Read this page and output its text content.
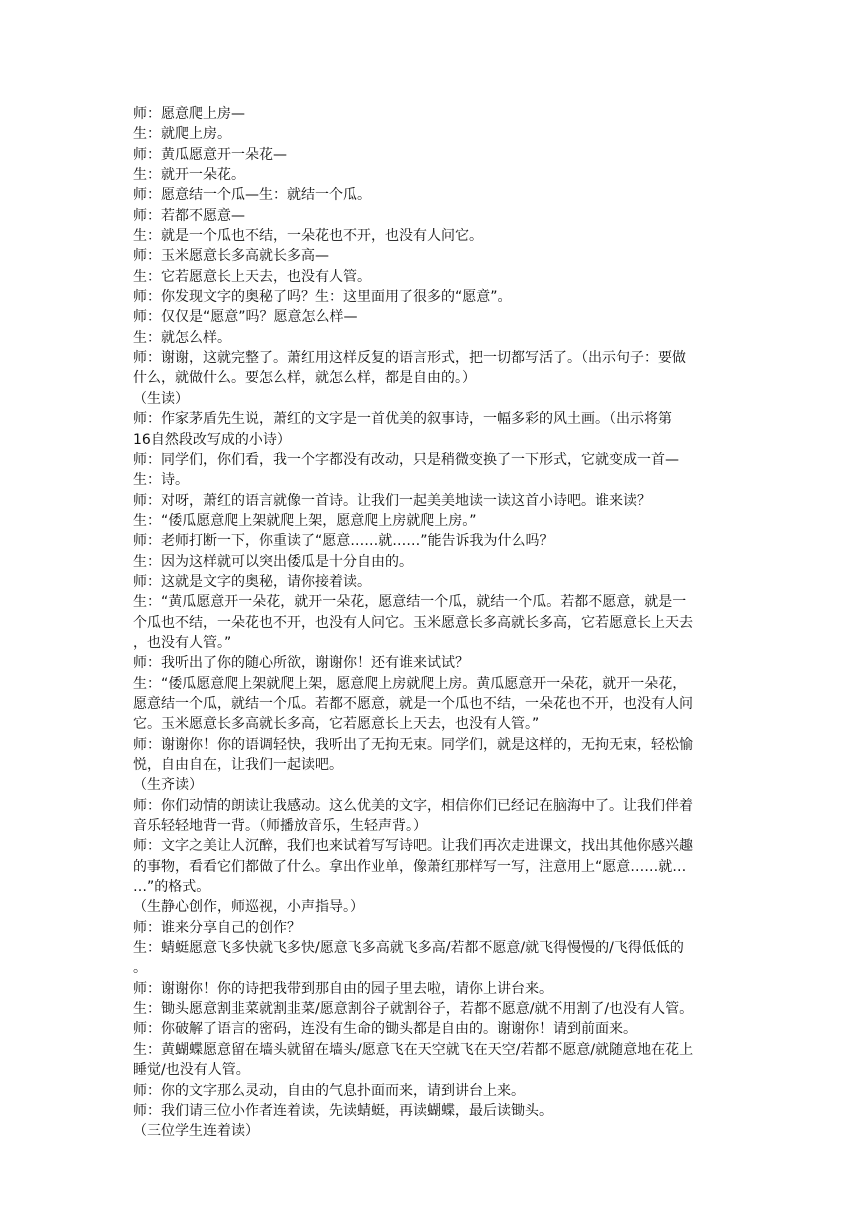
师：愿意爬上房—
生：就爬上房。
师：黄瓜愿意开一朵花—
生：就开一朵花。
师：愿意结一个瓜—生：就结一个瓜。
师：若都不愿意—
生：就是一个瓜也不结，一朵花也不开，也没有人问它。
师：玉米愿意长多高就长多高—
生：它若愿意长上天去，也没有人管。
师：你发现文字的奥秘了吗？生：这里面用了很多的“愿意”。
师：仅仅是“愿意”吗？愿意怎么样—
生：就怎么样。
师：谢谢，这就完整了。萧红用这样反复的语言形式，把一切都写活了。（出示句子：要做
什么，就做什么。要怎么样，就怎么样，都是自由的。）
（生读）
师：作家茅盾先生说，萧红的文字是一首优美的叙事诗，一幅多彩的风土画。（出示将第
16自然段改写成的小诗）
师：同学们，你们看，我一个字都没有改动，只是稍微变换了一下形式，它就变成一首—
生：诗。
师：对呀，萧红的语言就像一首诗。让我们一起美美地读一读这首小诗吧。谁来读？
生：“倭瓜愿意爬上架就爬上架，愿意爬上房就爬上房。”
师：老师打断一下，你重读了“愿意……就……”能告诉我为什么吗？
生：因为这样就可以突出倭瓜是十分自由的。
师：这就是文字的奥秘，请你接着读。
生：“黄瓜愿意开一朵花，就开一朵花，愿意结一个瓜，就结一个瓜。若都不愿意，就是一
个瓜也不结，一朵花也不开，也没有人问它。玉米愿意长多高就长多高，它若愿意长上天去
，也没有人管。”
师：我听出了你的随心所欲，谢谢你！还有谁来试试？
生：“倭瓜愿意爬上架就爬上架，愿意爬上房就爬上房。黄瓜愿意开一朵花，就开一朵花，
愿意结一个瓜，就结一个瓜。若都不愿意，就是一个瓜也不结，一朵花也不开，也没有人问
它。玉米愿意长多高就长多高，它若愿意长上天去，也没有人管。”
师：谢谢你！你的语调轻快，我听出了无拘无束。同学们，就是这样的，无拘无束，轻松愉
悦，自由自在，让我们一起读吧。
（生齐读）
师：你们动情的朗读让我感动。这么优美的文字，相信你们已经记在脑海中了。让我们伴着
音乐轻轻地背一背。（师播放音乐，生轻声背。）
师：文字之美让人沉醉，我们也来试着写写诗吧。让我们再次走进课文，找出其他你感兴趣
的事物，看看它们都做了什么。拿出作业单，像萧红那样写一写，注意用上“愿意……就…
…”的格式。
（生静心创作，师巡视，小声指导。）
师：谁来分享自己的创作？
生：蜻蜓愿意飞多快就飞多快/愿意飞多高就飞多高/若都不愿意/就飞得慢慢的/飞得低低的
。
师：谢谢你！你的诗把我带到那自由的园子里去啦，请你上讲台来。
生：锄头愿意割韭菜就割韭菜/愿意割谷子就割谷子，若都不愿意/就不用割了/也没有人管。
师：你破解了语言的密码，连没有生命的锄头都是自由的。谢谢你！请到前面来。
生：黄蝴蝶愿意留在墙头就留在墙头/愿意飞在天空就飞在天空/若都不愿意/就随意地在花上
睡觉/也没有人管。
师：你的文字那么灵动，自由的气息扑面而来，请到讲台上来。
师：我们请三位小作者连着读，先读蜻蜓，再读蝴蝶，最后读锄头。
（三位学生连着读）
